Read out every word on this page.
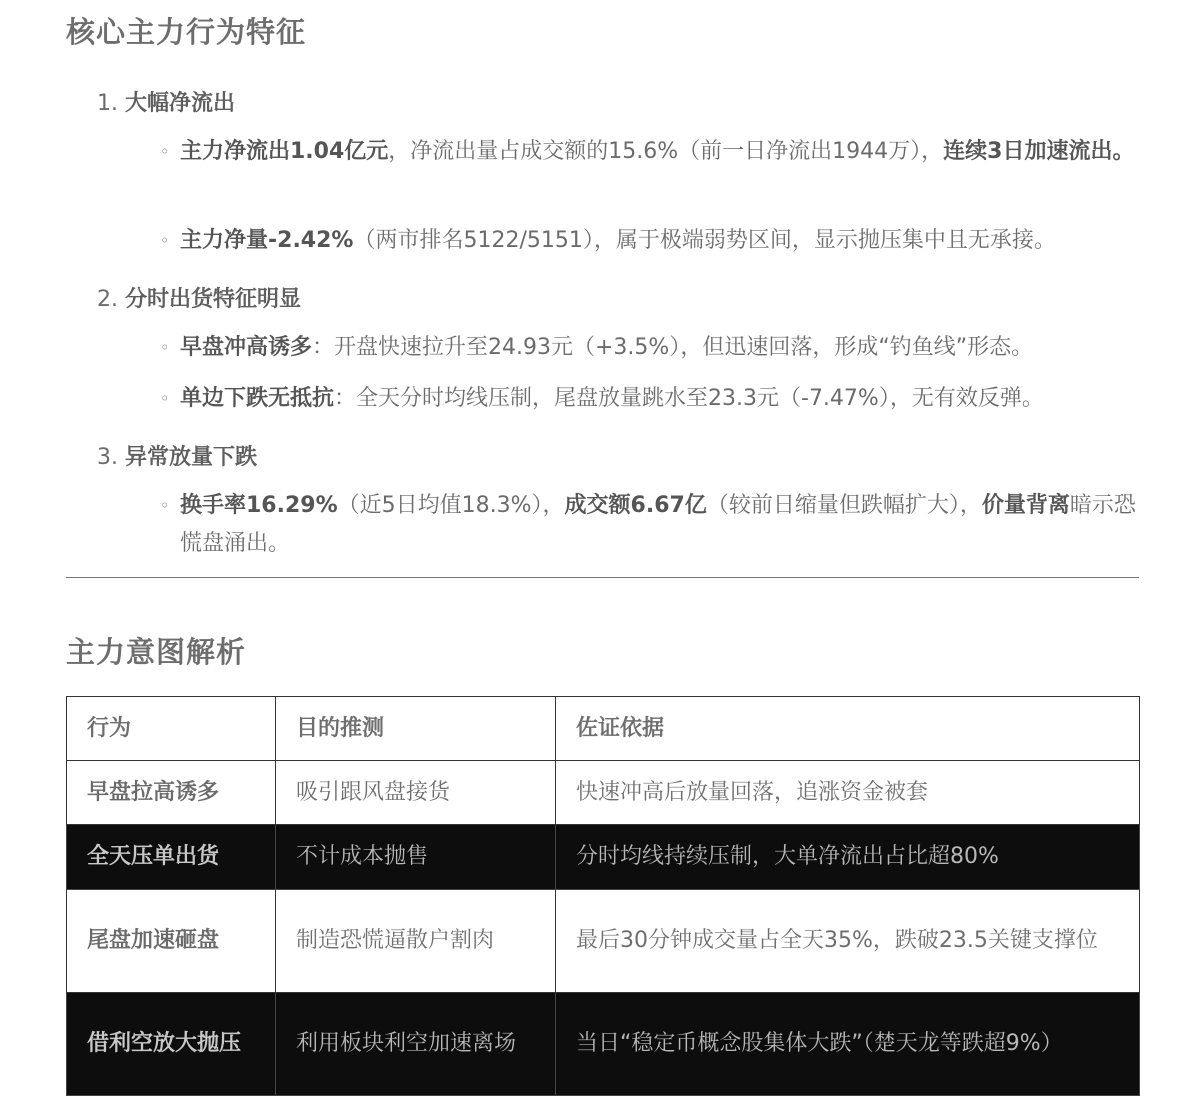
核心主力行为特征
1. 大幅净流出
◦ 主力净流出1.04亿元，净流出量占成交额的15.6%（前一日净流出1944万），连续3日加速流出。
◦ 主力净量-2.42%（两市排名5122/5151），属于极端弱势区间，显示抛压集中且无承接。
2. 分时出货特征明显
◦ 早盘冲高诱多：开盘快速拉升至24.93元（+3.5%），但迅速回落，形成“钓鱼线”形态。
◦ 单边下跌无抵抗：全天分时均线压制，尾盘放量跳水至23.3元（-7.47%），无有效反弹。
3. 异常放量下跌
◦ 换手率16.29%（近5日均值18.3%），成交额6.67亿（较前日缩量但跌幅扩大），价量背离暗示恐慌盘涌出。
主力意图解析
行为	目的推测	佐证依据
早盘拉高诱多	吸引跟风盘接货	快速冲高后放量回落，追涨资金被套
全天压单出货	不计成本抛售	分时均线持续压制，大单净流出占比超80%
尾盘加速砸盘	制造恐慌逼散户割肉	最后30分钟成交量占全天35%，跌破23.5关键支撑位
借利空放大抛压	利用板块利空加速离场	当日“稳定币概念股集体大跌”（楚天龙等跌超9%）
